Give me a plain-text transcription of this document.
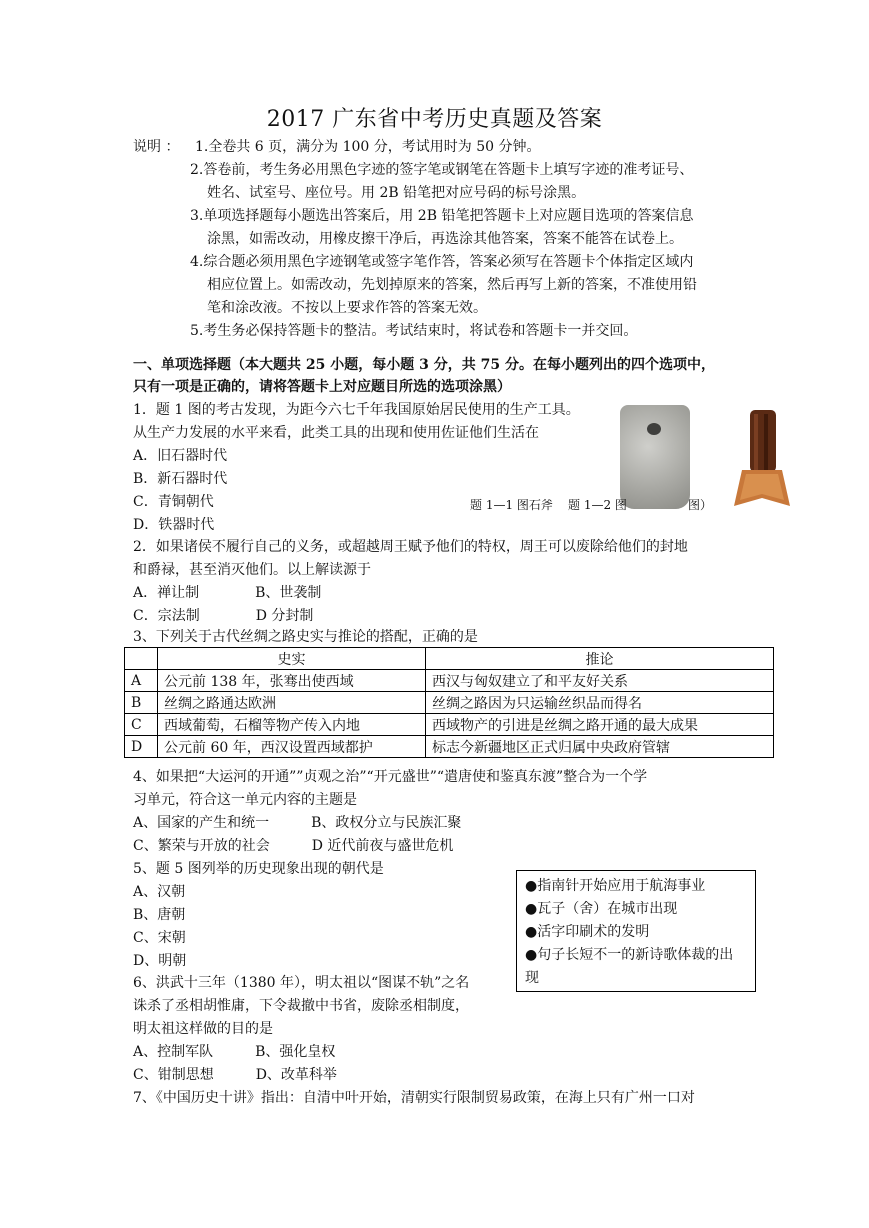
2017 广东省中考历史真题及答案
说明 ： 1.全卷共 6 页，满分为 100 分，考试用时为 50 分钟。
2.答卷前，考生务必用黑色字迹的签字笔或钢笔在答题卡上填写字迹的准考证号、
姓名、试室号、座位号。用 2B 铅笔把对应号码的标号涂黑。
3.单项选择题每小题选出答案后，用 2B 铅笔把答题卡上对应题目选项的答案信息
涂黑，如需改动，用橡皮擦干净后，再选涂其他答案，答案不能答在试卷上。
4.综合题必须用黑色字迹钢笔或签字笔作答，答案必须写在答题卡个体指定区域内
相应位置上。如需改动，先划掉原来的答案，然后再写上新的答案，不准使用铅
笔和涂改液。不按以上要求作答的答案无效。
5.考生务必保持答题卡的整洁。考试结束时，将试卷和答题卡一并交回。
一、单项选择题（本大题共 25 小题，每小题 3 分，共 75 分。在每小题列出的四个选项中，
只有一项是正确的，请将答题卡上对应题目所选的选项涂黑）
1．题 1 图的考古发现，为距今六七千年我国原始居民使用的生产工具。
从生产力发展的水平来看，此类工具的出现和使用佐证他们生活在
A．旧石器时代
B．新石器时代
C．青铜朝代
D．铁器时代
题 1—1 图石斧 题 1—2 图	图）
2．如果诸侯不履行自己的义务，或超越周王赋予他们的特权，周王可以废除给他们的封地
和爵禄，甚至消灭他们。以上解读源于
A．禅让制　　　　B、世袭制
C．宗法制　　　　D 分封制
3、下列关于古代丝绸之路史实与推论的搭配，正确的是
	史实	推论
A	公元前 138 年，张骞出使西域	西汉与匈奴建立了和平友好关系
B	丝绸之路通达欧洲	丝绸之路因为只运输丝织品而得名
C	西域葡萄，石榴等物产传入内地	西域物产的引进是丝绸之路开通的最大成果
D	公元前 60 年，西汉设置西域都护	标志今新疆地区正式归属中央政府管辖
4、如果把“大运河的开通””贞观之治”“开元盛世”“遣唐使和鉴真东渡”整合为一个学
习单元，符合这一单元内容的主题是
A、国家的产生和统一　　　B、政权分立与民族汇聚
C、繁荣与开放的社会　　　D 近代前夜与盛世危机
5、题 5 图列举的历史现象出现的朝代是
A、汉朝
B、唐朝
C、宋朝
D、明朝
●指南针开始应用于航海事业
●瓦子（舍）在城市出现
●活字印刷术的发明
●句子长短不一的新诗歌体裁的出现
6、洪武十三年（1380 年），明太祖以“图谋不轨”之名
诛杀了丞相胡惟庸，下令裁撤中书省，废除丞相制度，
明太祖这样做的目的是
A、控制军队　　　B、强化皇权
C、钳制思想　　　D、改革科举
7、《中国历史十讲》指出：自清中叶开始，清朝实行限制贸易政策，在海上只有广州一口对
